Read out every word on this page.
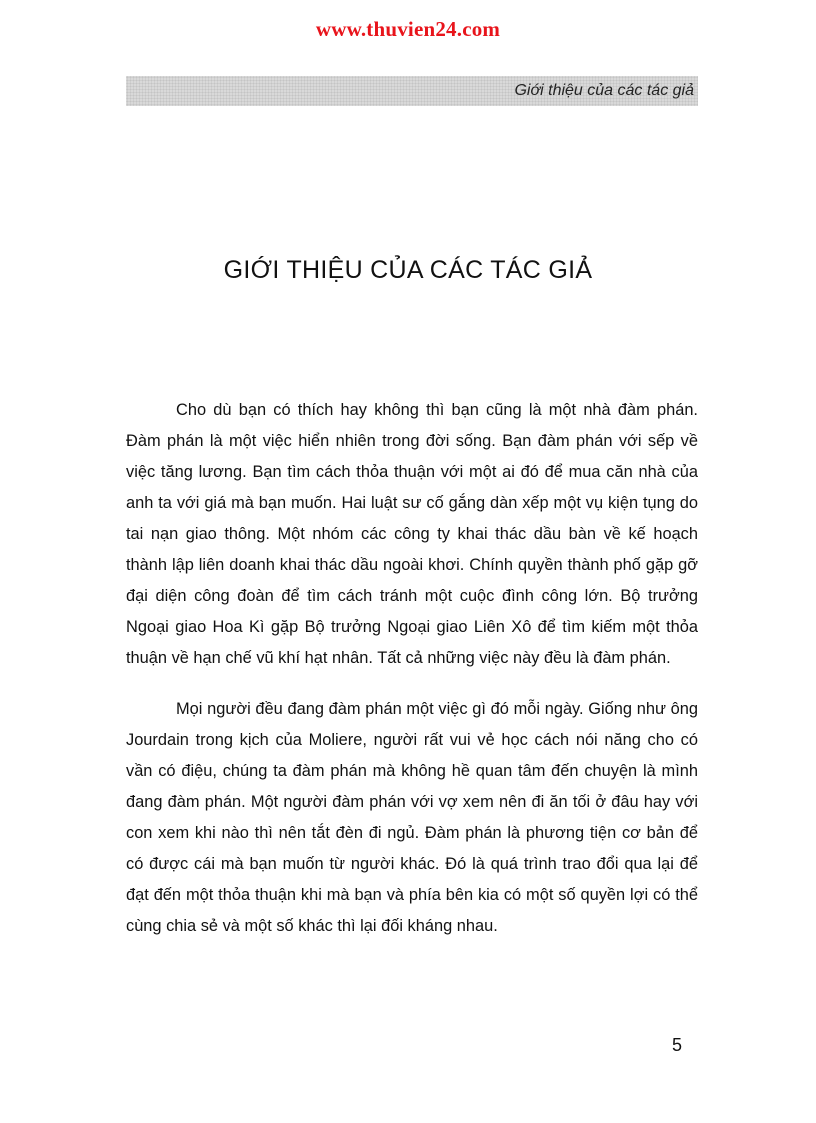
www.thuvien24.com
Giới thiệu của các tác giả
GIỚI THIỆU CỦA CÁC TÁC GIẢ

Cho dù bạn có thích hay không thì bạn cũng là một nhà đàm phán. Đàm phán là một việc hiển nhiên trong đời sống. Bạn đàm phán với sếp về việc tăng lương. Bạn tìm cách thỏa thuận với một ai đó để mua căn nhà của anh ta với giá mà bạn muốn. Hai luật sư cố gắng dàn xếp một vụ kiện tụng do tai nạn giao thông. Một nhóm các công ty khai thác dầu bàn về kế hoạch thành lập liên doanh khai thác dầu ngoài khơi. Chính quyền thành phố gặp gỡ đại diện công đoàn để tìm cách tránh một cuộc đình công lớn. Bộ trưởng Ngoại giao Hoa Kì gặp Bộ trưởng Ngoại giao Liên Xô để tìm kiếm một thỏa thuận về hạn chế vũ khí hạt nhân. Tất cả những việc này đều là đàm phán.

Mọi người đều đang đàm phán một việc gì đó mỗi ngày. Giống như ông Jourdain trong kịch của Moliere, người rất vui vẻ học cách nói năng cho có vần có điệu, chúng ta đàm phán mà không hề quan tâm đến chuyện là mình đang đàm phán. Một người đàm phán với vợ xem nên đi ăn tối ở đâu hay với con xem khi nào thì nên tắt đèn đi ngủ. Đàm phán là phương tiện cơ bản để có được cái mà bạn muốn từ người khác. Đó là quá trình trao đổi qua lại để đạt đến một thỏa thuận khi mà bạn và phía bên kia có một số quyền lợi có thể cùng chia sẻ và một số khác thì lại đối kháng nhau.

5
